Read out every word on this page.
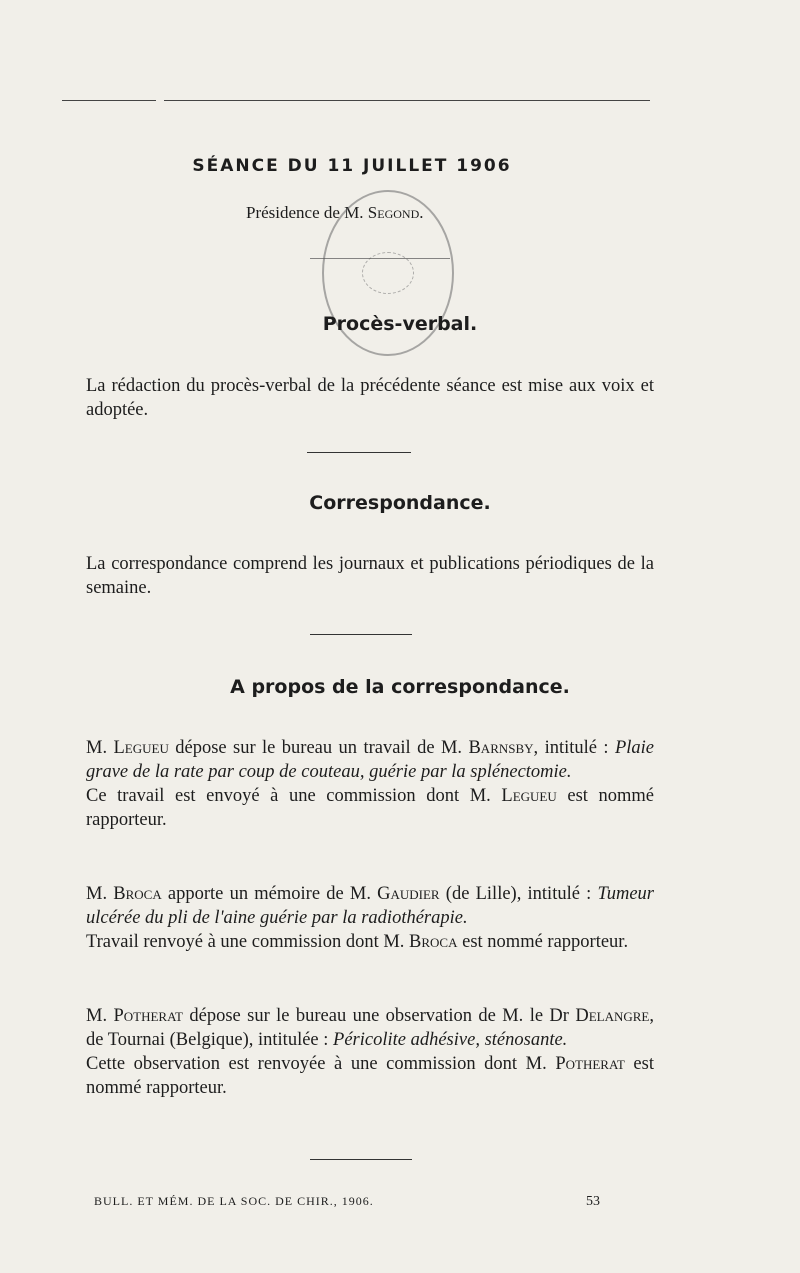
SÉANCE DU 11 JUILLET 1906
Présidence de M. Segond.
Procès-verbal.

La rédaction du procès-verbal de la précédente séance est mise aux voix et adoptée.

Correspondance.

La correspondance comprend les journaux et publications périodiques de la semaine.

A propos de la correspondance.

M. Legueu dépose sur le bureau un travail de M. Barnsby, intitulé : Plaie grave de la rate par coup de couteau, guérie par la splénectomie.

Ce travail est envoyé à une commission dont M. Legueu est nommé rapporteur.

M. Broca apporte un mémoire de M. Gaudier (de Lille), intitulé : Tumeur ulcérée du pli de l'aine guérie par la radiothérapie.

Travail renvoyé à une commission dont M. Broca est nommé rapporteur.

M. Potherat dépose sur le bureau une observation de M. le Dr Delangre, de Tournai (Belgique), intitulée : Péricolite adhésive, sténosante.

Cette observation est renvoyée à une commission dont M. Potherat est nommé rapporteur.

BULL. ET MÉM. DE LA SOC. DE CHIR., 1906.	53
